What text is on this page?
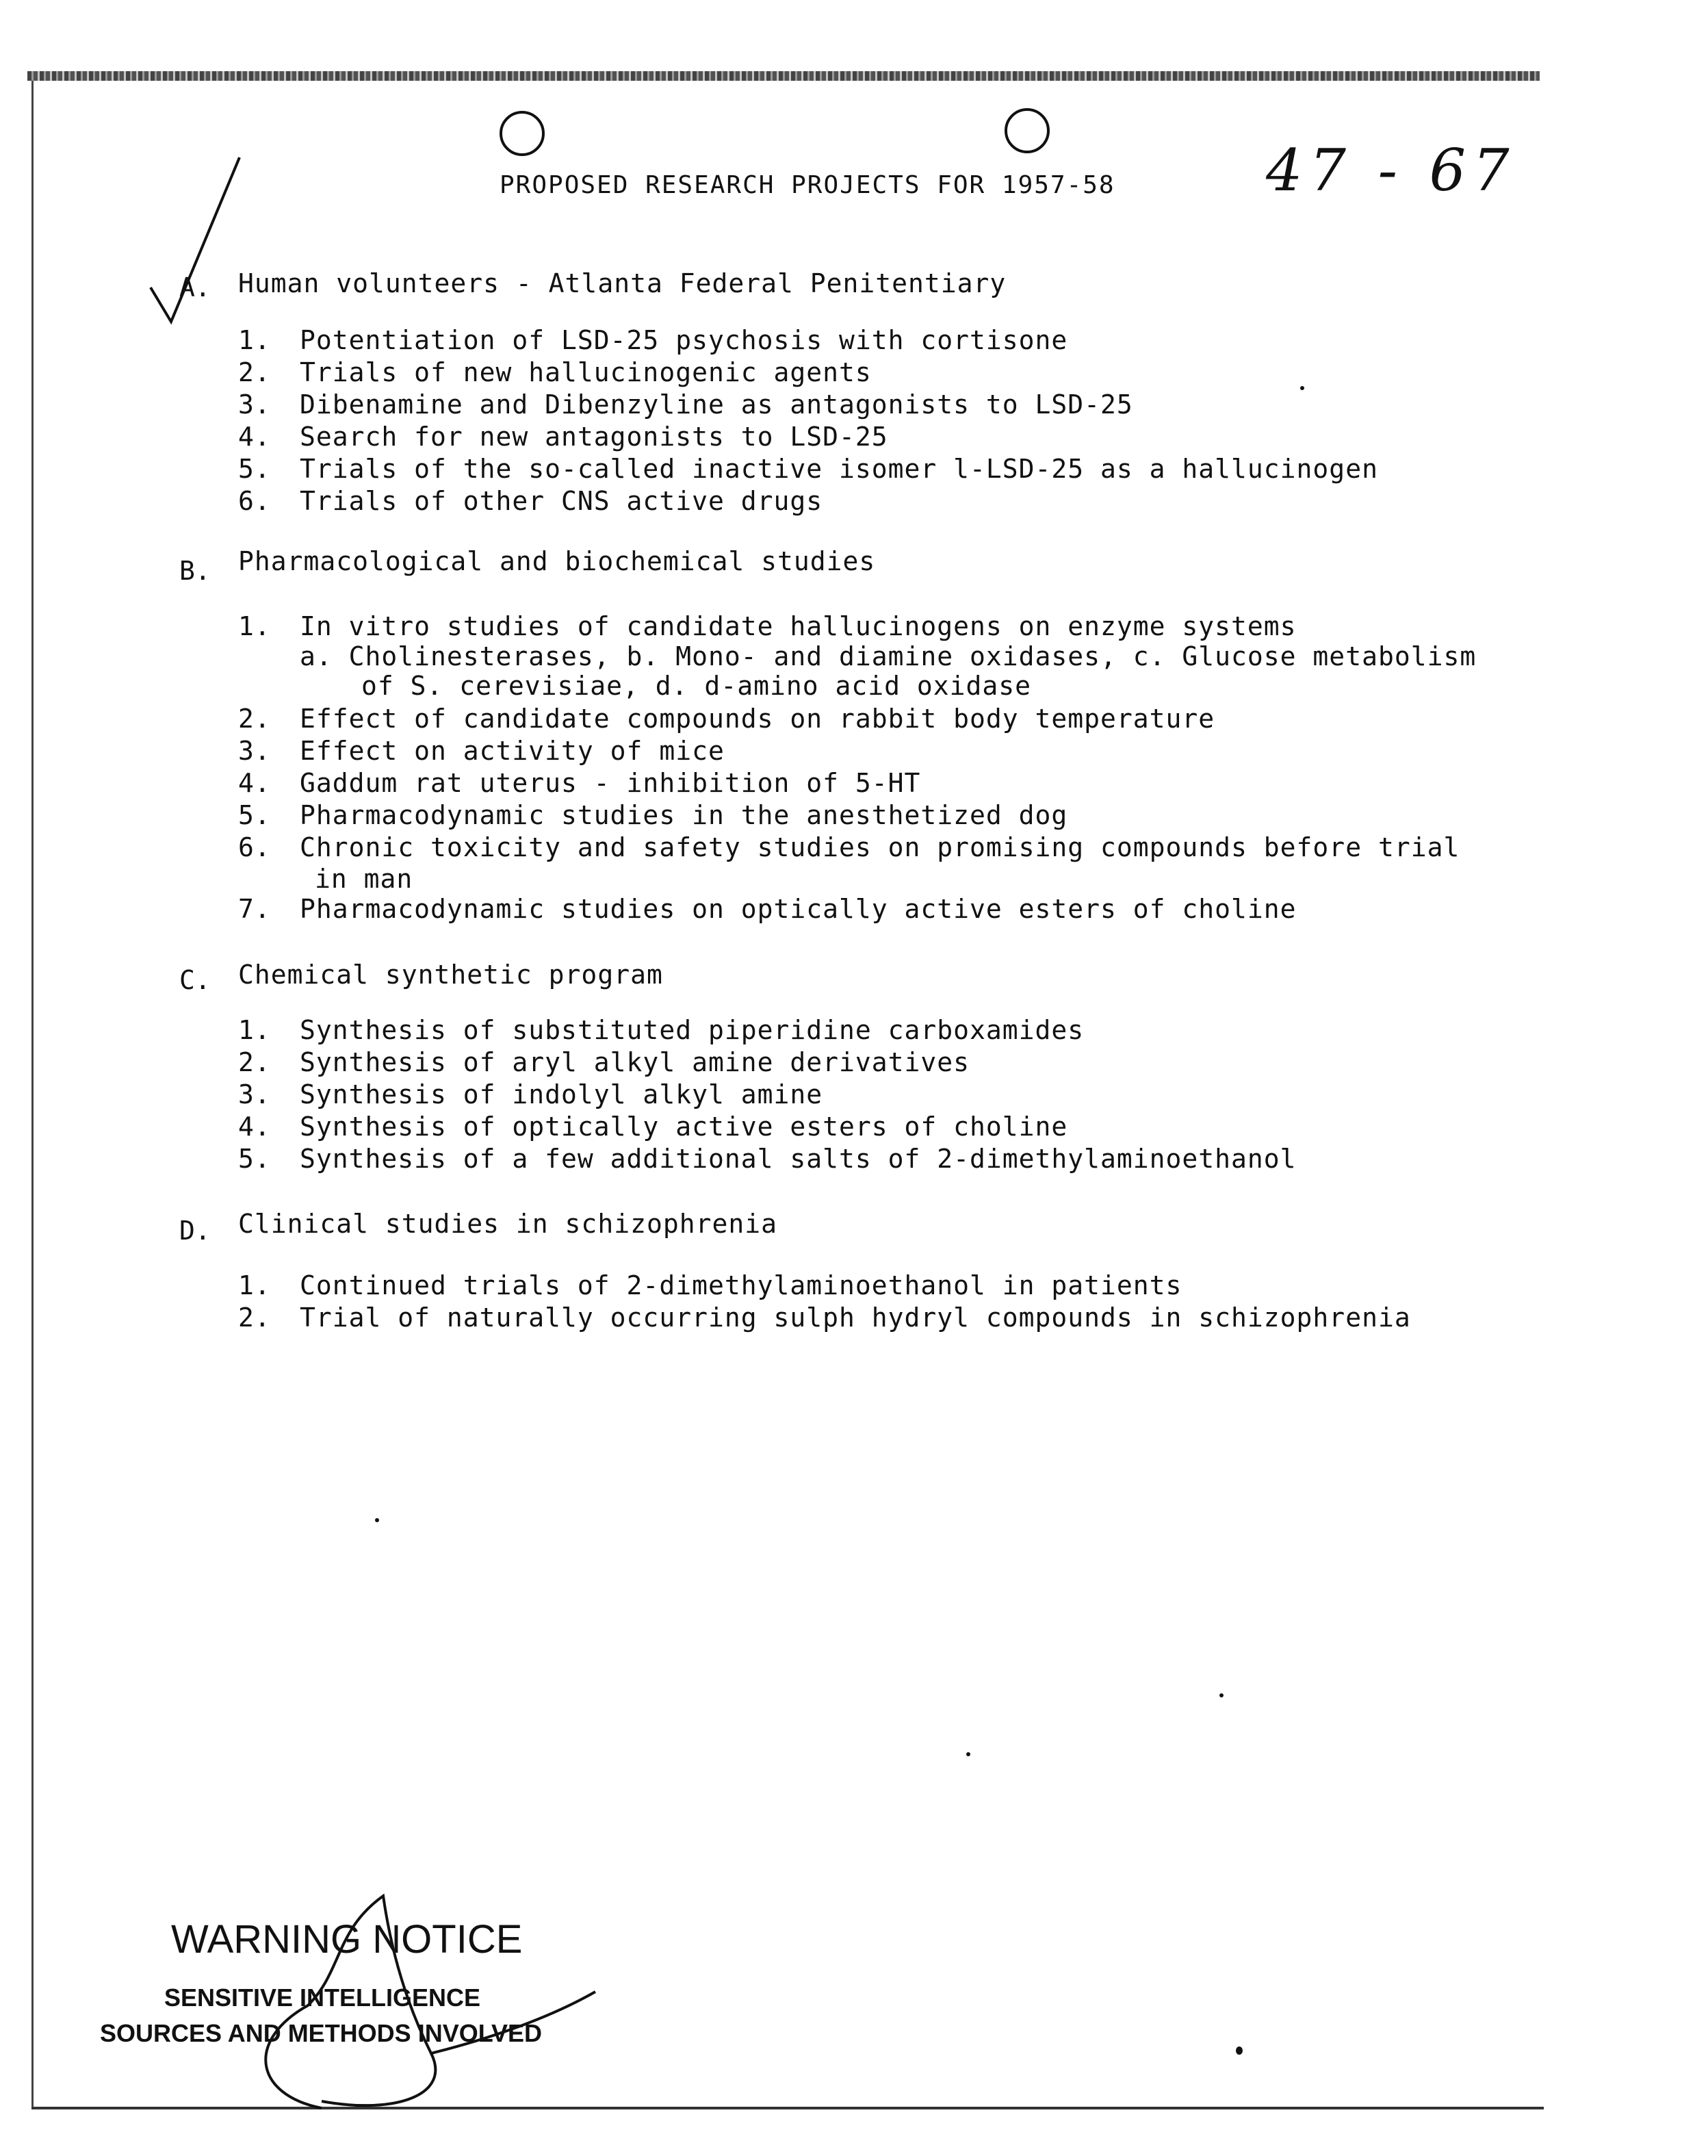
47 - 67
PROPOSED RESEARCH PROJECTS FOR 1957-58
A. Human volunteers - Atlanta Federal Penitentiary
1. Potentiation of LSD-25 psychosis with cortisone
2. Trials of new hallucinogenic agents
3. Dibenamine and Dibenzyline as antagonists to LSD-25
4. Search for new antagonists to LSD-25
5. Trials of the so-called inactive isomer l-LSD-25 as a hallucinogen
6. Trials of other CNS active drugs
B. Pharmacological and biochemical studies
1. In vitro studies of candidate hallucinogens on enzyme systems
a. Cholinesterases, b. Mono- and diamine oxidases, c. Glucose metabolism
of S. cerevisiae, d. d-amino acid oxidase
2. Effect of candidate compounds on rabbit body temperature
3. Effect on activity of mice
4. Gaddum rat uterus - inhibition of 5-HT
5. Pharmacodynamic studies in the anesthetized dog
6. Chronic toxicity and safety studies on promising compounds before trial
in man
7. Pharmacodynamic studies on optically active esters of choline
C. Chemical synthetic program
1. Synthesis of substituted piperidine carboxamides
2. Synthesis of aryl alkyl amine derivatives
3. Synthesis of indolyl alkyl amine
4. Synthesis of optically active esters of choline
5. Synthesis of a few additional salts of 2-dimethylaminoethanol
D. Clinical studies in schizophrenia
1. Continued trials of 2-dimethylaminoethanol in patients
2. Trial of naturally occurring sulph hydryl compounds in schizophrenia
WARNING NOTICE
SENSITIVE INTELLIGENCE
SOURCES AND METHODS INVOLVED
